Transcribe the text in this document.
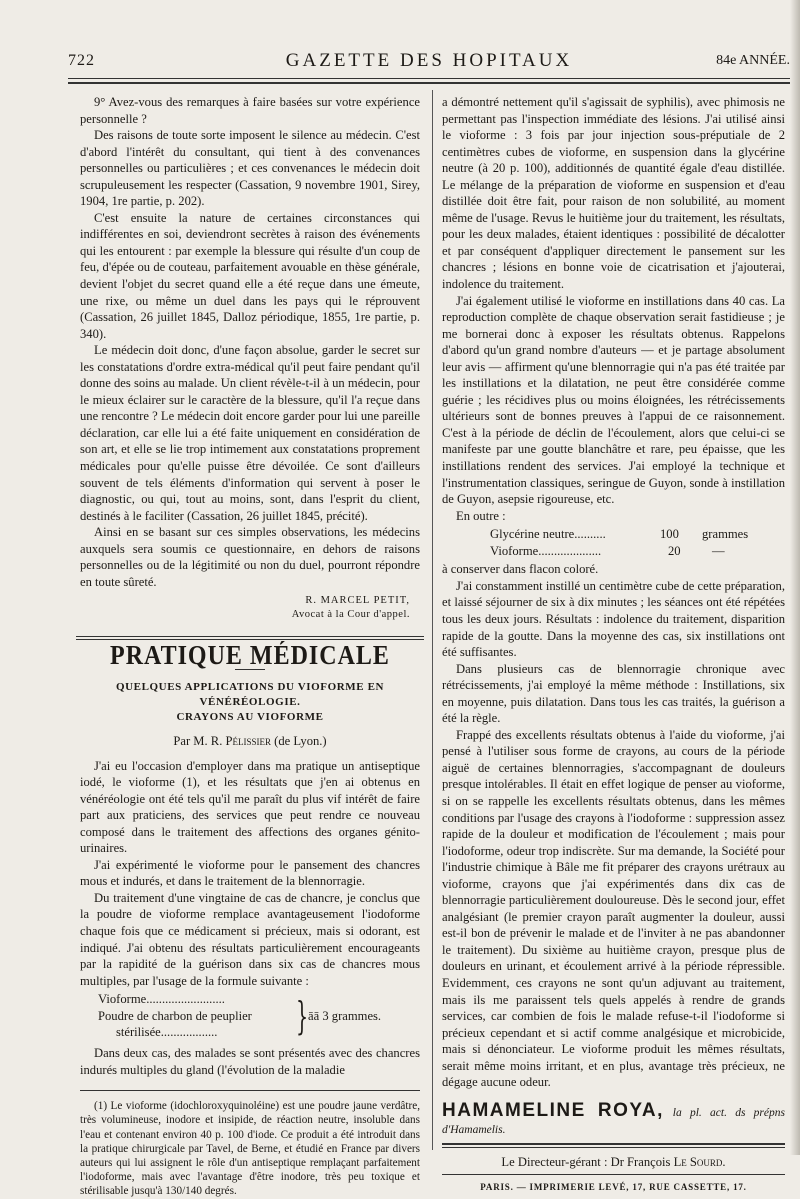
722	GAZETTE DES HOPITAUX	84e ANNÉE.

9° Avez-vous des remarques à faire basées sur votre expérience personnelle ?

Des raisons de toute sorte imposent le silence au médecin. C'est d'abord l'intérêt du consultant, qui tient à des convenances personnelles ou particulières ; et ces convenances le médecin doit scrupuleusement les respecter (Cassation, 9 novembre 1901, Sirey, 1904, 1re partie, p. 202).

C'est ensuite la nature de certaines circonstances qui indifférentes en soi, deviendront secrètes à raison des événements qui les entourent : par exemple la blessure qui résulte d'un coup de feu, d'épée ou de couteau, parfaitement avouable en thèse générale, devient l'objet du secret quand elle a été reçue dans une émeute, une rixe, ou même un duel dans les pays qui le réprouvent (Cassation, 26 juillet 1845, Dalloz périodique, 1855, 1re partie, p. 340).

Le médecin doit donc, d'une façon absolue, garder le secret sur les constatations d'ordre extra-médical qu'il peut faire pendant qu'il donne des soins au malade. Un client révèle-t-il à un médecin, pour le mieux éclairer sur le caractère de la blessure, qu'il l'a reçue dans une rencontre ? Le médecin doit encore garder pour lui une pareille déclaration, car elle lui a été faite uniquement en considération de son art, et elle se lie trop intimement aux constatations proprement médicales pour qu'elle puisse être dévoilée. Ce sont d'ailleurs souvent de tels éléments d'information qui servent à poser le diagnostic, ou qui, tout au moins, sont, dans l'esprit du client, destinés à le faciliter (Cassation, 26 juillet 1845, précité).

Ainsi en se basant sur ces simples observations, les médecins auxquels sera soumis ce questionnaire, en dehors de raisons personnelles ou de la légitimité ou non du duel, pourront répondre en toute sûreté.

R. MARCEL PETIT,
Avocat à la Cour d'appel.
PRATIQUE MÉDICALE
QUELQUES APPLICATIONS DU VIOFORME EN VÉNÉRÉOLOGIE.
CRAYONS AU VIOFORME
Par M. R. Pélissier (de Lyon.)

J'ai eu l'occasion d'employer dans ma pratique un antiseptique iodé, le vioforme (1), et les résultats que j'en ai obtenus en vénéréologie ont été tels qu'il me paraît du plus vif intérêt de faire part aux praticiens, des services que peut rendre ce nouveau composé dans le traitement des affections des organes génito-urinaires.

J'ai expérimenté le vioforme pour le pansement des chancres mous et indurés, et dans le traitement de la blennorragie.

Du traitement d'une vingtaine de cas de chancre, je conclus que la poudre de vioforme remplace avantageusement l'iodoforme chaque fois que ce médicament si précieux, mais si odorant, est indiqué. J'ai obtenu des résultats particulièrement encourageants par la rapidité de la guérison dans six cas de chancres mous multiples, par l'usage de la formule suivante :

Vioforme.........................
Poudre de charbon de peuplier
stérilisée.................. } āā 3 grammes.

Dans deux cas, des malades se sont présentés avec des chancres indurés multiples du gland (l'évolution de la maladie

(1) Le vioforme (idochloroxyquinoléine) est une poudre jaune verdâtre, très volumineuse, inodore et insipide, de réaction neutre, insoluble dans l'eau et contenant environ 40 p. 100 d'iode. Ce produit a été introduit dans la pratique chirurgicale par Tavel, de Berne, et étudié en France par divers auteurs qui lui assignent le rôle d'un antiseptique remplaçant parfaitement l'iodoforme, mais avec l'avantage d'être inodore, très peu toxique et stérilisable jusqu'à 130/140 degrés.

a démontré nettement qu'il s'agissait de syphilis), avec phimosis ne permettant pas l'inspection immédiate des lésions. J'ai utilisé ainsi le vioforme : 3 fois par jour injection sous-préputiale de 2 centimètres cubes de vioforme, en suspension dans la glycérine neutre (à 20 p. 100), additionnés de quantité égale d'eau distillée. Le mélange de la préparation de vioforme en suspension et d'eau distillée doit être fait, pour raison de non solubilité, au moment même de l'usage. Revus le huitième jour du traitement, les résultats, pour les deux malades, étaient identiques : possibilité de décalotter et par conséquent d'appliquer directement le pansement sur les chancres ; lésions en bonne voie de cicatrisation et j'ajouterai, indolence du traitement.

J'ai également utilisé le vioforme en instillations dans 40 cas. La reproduction complète de chaque observation serait fastidieuse ; je me bornerai donc à exposer les résultats obtenus. Rappelons d'abord qu'un grand nombre d'auteurs — et je partage absolument leur avis — affirment qu'une blennorragie qui n'a pas été traitée par les instillations et la dilatation, ne peut être considérée comme guérie ; les récidives plus ou moins éloignées, les rétrécissements ultérieurs sont de bonnes preuves à l'appui de ce raisonnement. C'est à la période de déclin de l'écoulement, alors que celui-ci se manifeste par une goutte blanchâtre et rare, peu épaisse, que les instillations rendent des services. J'ai employé la technique et l'instrumentation classiques, seringue de Guyon, sonde à instillation de Guyon, asepsie rigoureuse, etc.

En outre :

Glycérine neutre..........	100 grammes
Vioforme....................	20 —

à conserver dans flacon coloré.

J'ai constamment instillé un centimètre cube de cette préparation, et laissé séjourner de six à dix minutes ; les séances ont été répétées tous les deux jours. Résultats : indolence du traitement, disparition rapide de la goutte. Dans la moyenne des cas, six instillations ont été suffisantes.

Dans plusieurs cas de blennorragie chronique avec rétrécissements, j'ai employé la même méthode : Instillations, six en moyenne, puis dilatation. Dans tous les cas traités, la guérison a été la règle.

Frappé des excellents résultats obtenus à l'aide du vioforme, j'ai pensé à l'utiliser sous forme de crayons, au cours de la période aiguë de certaines blennorragies, s'accompagnant de douleurs presque intolérables. Il était en effet logique de penser au vioforme, si on se rappelle les excellents résultats obtenus, dans les mêmes conditions par l'usage des crayons à l'iodoforme : suppression assez rapide de la douleur et modification de l'écoulement ; mais pour l'iodoforme, odeur trop indiscrète. Sur ma demande, la Société pour l'industrie chimique à Bâle me fit préparer des crayons urétraux au vioforme, crayons que j'ai expérimentés dans dix cas de blennorragie particulièrement douloureuse. Dès le second jour, effet analgésiant (le premier crayon paraît augmenter la douleur, aussi est-il bon de prévenir le malade et de l'inviter à ne pas abandonner le traitement). Du sixième au huitième crayon, presque plus de douleurs en urinant, et écoulement arrivé à la période répressible. Evidemment, ces crayons ne sont qu'un adjuvant au traitement, mais ils me paraissent tels quels appelés à rendre de grands services, car combien de fois le malade refuse-t-il l'iodoforme si précieux cependant et si actif comme analgésique et microbicide, mais si dénonciateur. Le vioforme produit les mêmes résultats, serait même moins irritant, et en plus, avantage très précieux, ne dégage aucune odeur.

HAMAMELINE ROYA, la pl. act. ds prépns d'Hamamelis.
Le Directeur-gérant : Dr François Le Sourd.
PARIS. — IMPRIMERIE LEVÉ, 17, RUE CASSETTE, 17.
